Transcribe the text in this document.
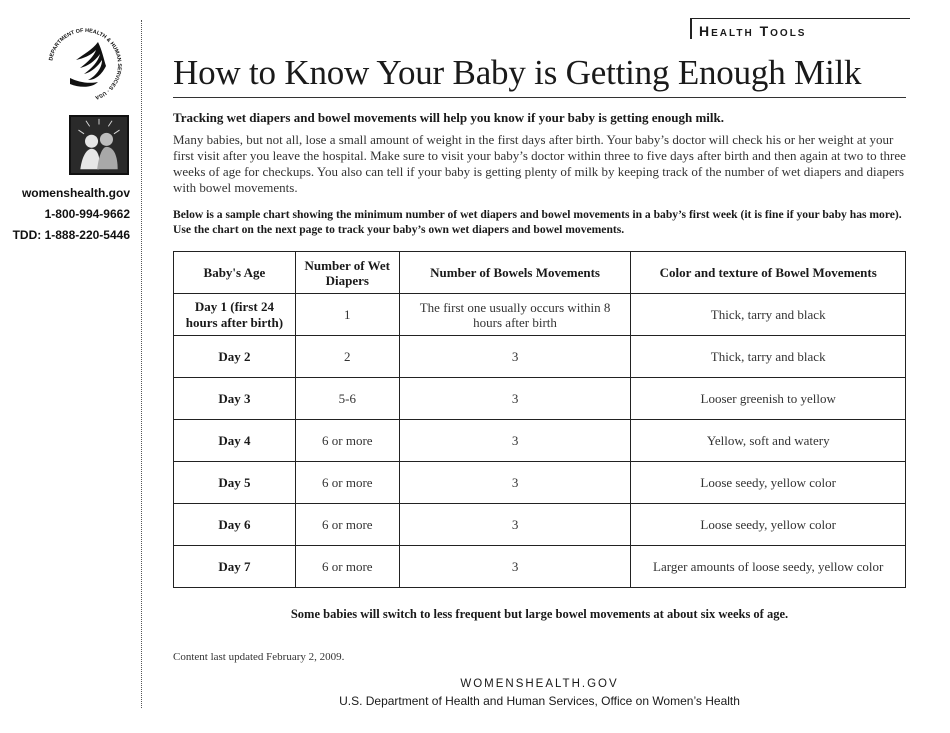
DEPARTMENT OF HEALTH & HUMAN SERVICES · USA
womenshealth.gov
1-800-994-9662
TDD: 1-888-220-5446
Health Tools
How to Know Your Baby is Getting Enough Milk

Tracking wet diapers and bowel movements will help you know if your baby is getting enough milk.

Many babies, but not all, lose a small amount of weight in the first days after birth. Your baby’s doctor will check his or her weight at your first visit after you leave the hospital. Make sure to visit your baby’s doctor within three to five days after birth and then again at two to three weeks of age for checkups. You also can tell if your baby is getting plenty of milk by keeping track of the number of wet diapers and diapers with bowel movements.

Below is a sample chart showing the minimum number of wet diapers and bowel movements in a baby’s first week (it is fine if your baby has more). Use the chart on the next page to track your baby’s own wet diapers and bowel movements.

Baby's Age	Number of Wet Diapers	Number of Bowels Movements	Color and texture of Bowel Movements
Day 1 (first 24 hours after birth)	1	The first one usually occurs within 8 hours after birth	Thick, tarry and black
Day 2	2	3	Thick, tarry and black
Day 3	5-6	3	Looser greenish to yellow
Day 4	6 or more	3	Yellow, soft and watery
Day 5	6 or more	3	Loose seedy, yellow color
Day 6	6 or more	3	Loose seedy, yellow color
Day 7	6 or more	3	Larger amounts of loose seedy, yellow color

Some babies will switch to less frequent but large bowel movements at about six weeks of age.

Content last updated February 2, 2009.

WOMENSHEALTH.GOV

U.S. Department of Health and Human Services, Office on Women’s Health
